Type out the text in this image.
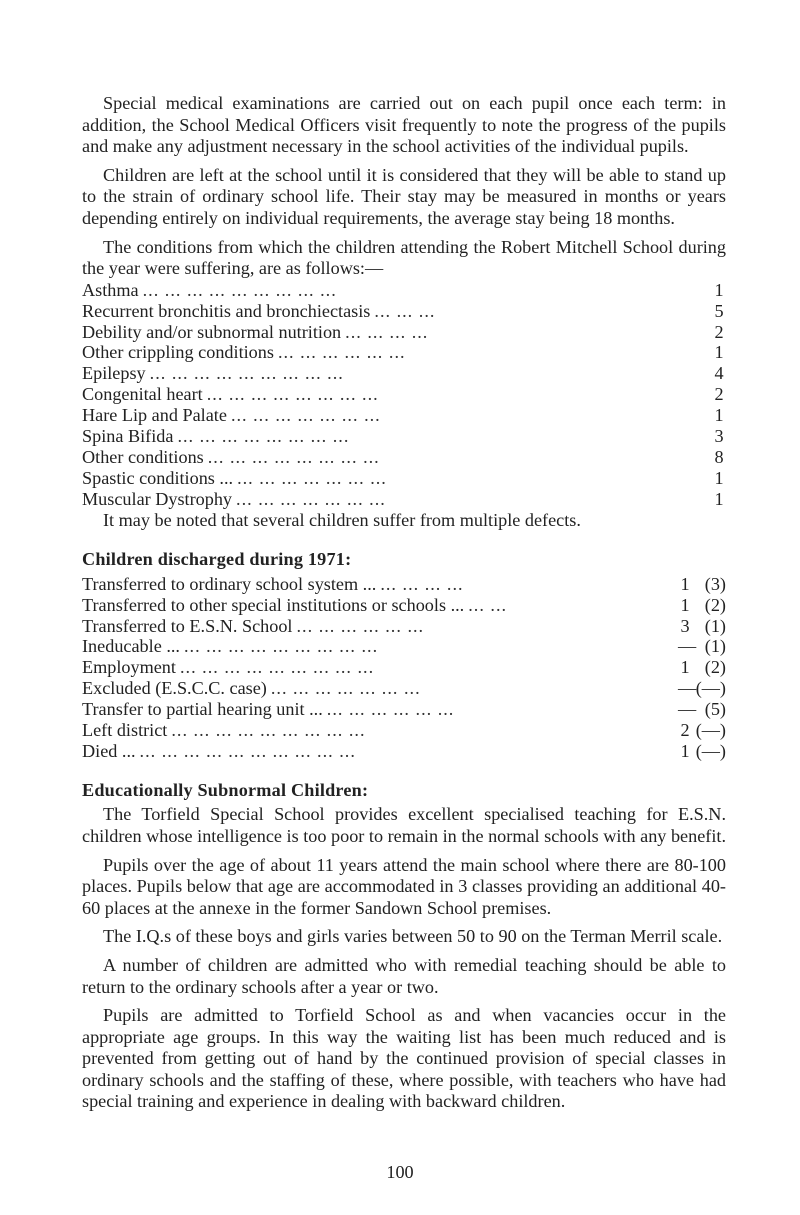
Special medical examinations are carried out on each pupil once each term: in addition, the School Medical Officers visit frequently to note the progress of the pupils and make any adjustment necessary in the school activities of the individual pupils.

Children are left at the school until it is considered that they will be able to stand up to the strain of ordinary school life. Their stay may be measured in months or years depending entirely on individual requirements, the average stay being 18 months.

The conditions from which the children attending the Robert Mitchell School during the year were suffering, are as follows:—

Asthma ... ... ... ... ... ... ... ... ...	1
Recurrent bronchitis and bronchiectasis ... ... ...	5
Debility and/or subnormal nutrition ... ... ... ...	2
Other crippling conditions ... ... ... ... ... ...	1
Epilepsy ... ... ... ... ... ... ... ... ...	4
Congenital heart ... ... ... ... ... ... ... ...	2
Hare Lip and Palate ... ... ... ... ... ... ...	1
Spina Bifida ... ... ... ... ... ... ... ...	3
Other conditions ... ... ... ... ... ... ... ...	8
Spastic conditions ... ... ... ... ... ... ... ...	1
Muscular Dystrophy ... ... ... ... ... ... ...	1

It may be noted that several children suffer from multiple defects.

Children discharged during 1971:
Transferred to ordinary school system ... ... ... ... ...	1 (3)
Transferred to other special institutions or schools ... ... ...	1 (2)
Transferred to E.S.N. School ... ... ... ... ... ...	3 (1)
Ineducable ... ... ... ... ... ... ... ... ... ...	— (1)
Employment ... ... ... ... ... ... ... ... ...	1 (2)
Excluded (E.S.C.C. case) ... ... ... ... ... ... ...	— (—)
Transfer to partial hearing unit ... ... ... ... ... ... ...	— (5)
Left district ... ... ... ... ... ... ... ... ...	2 (—)
Died ... ... ... ... ... ... ... ... ... ... ...	1 (—)
Educationally Subnormal Children:

The Torfield Special School provides excellent specialised teaching for E.S.N. children whose intelligence is too poor to remain in the normal schools with any benefit.

Pupils over the age of about 11 years attend the main school where there are 80-100 places. Pupils below that age are accommodated in 3 classes providing an additional 40-60 places at the annexe in the former Sandown School premises.

The I.Q.s of these boys and girls varies between 50 to 90 on the Terman Merril scale.

A number of children are admitted who with remedial teaching should be able to return to the ordinary schools after a year or two.

Pupils are admitted to Torfield School as and when vacancies occur in the appropriate age groups. In this way the waiting list has been much reduced and is prevented from getting out of hand by the continued provision of special classes in ordinary schools and the staffing of these, where possible, with teachers who have had special training and experience in dealing with backward children.

100
